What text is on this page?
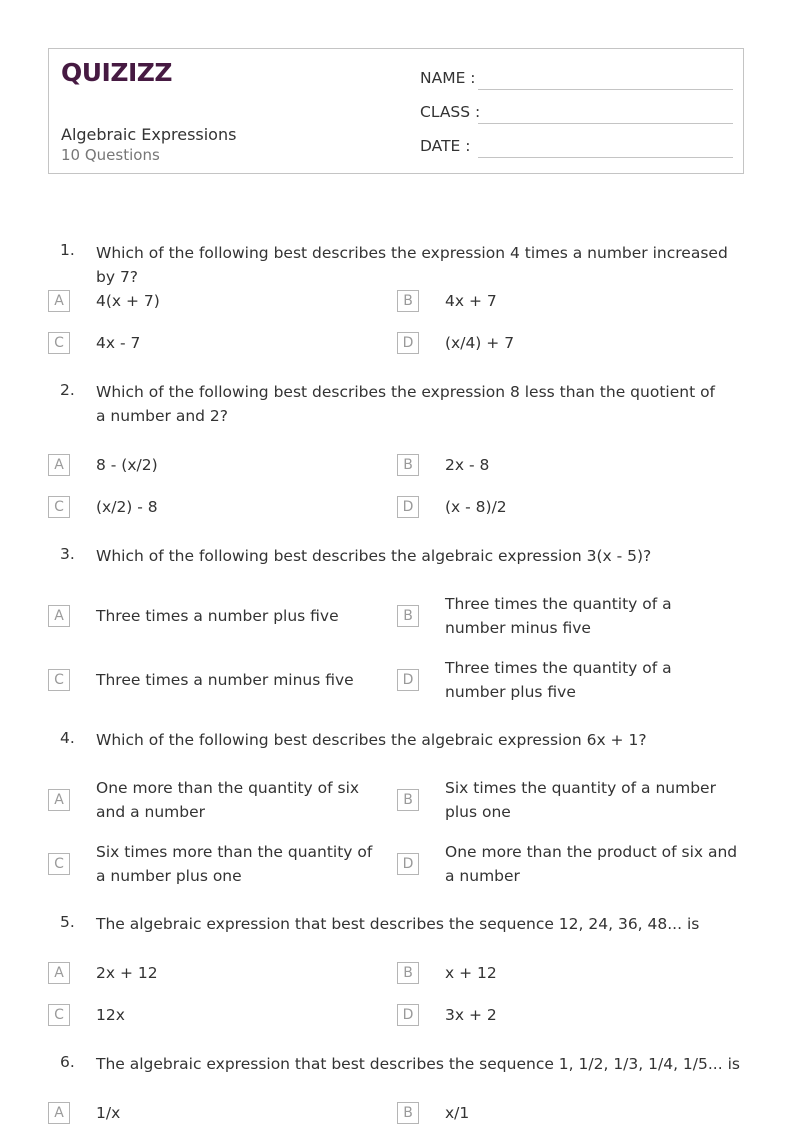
QUIZIZZ
Algebraic Expressions
10 Questions
NAME :
CLASS :
DATE :
1. Which of the following best describes the expression 4 times a number increased by 7?
A	4(x + 7)	B	4x + 7
C	4x - 7	D	(x/4) + 7
2. Which of the following best describes the expression 8 less than the quotient of a number and 2?
A	8 - (x/2)	B	2x - 8
C	(x/2) - 8	D	(x - 8)/2
3. Which of the following best describes the algebraic expression 3(x - 5)?
A	Three times a number plus five	B
Three times the quantity of a number minus five
C	Three times a number minus five	D
Three times the quantity of a number plus five
4. Which of the following best describes the algebraic expression 6x + 1?
A
One more than the quantity of six and a number
B
Six times the quantity of a number plus one
C
Six times more than the quantity of a number plus one
D
One more than the product of six and a number
5. The algebraic expression that best describes the sequence 12, 24, 36, 48... is
A	2x + 12	B	x + 12
C	12x	D	3x + 2
6. The algebraic expression that best describes the sequence 1, 1/2, 1/3, 1/4, 1/5... is
A	1/x	B	x/1
